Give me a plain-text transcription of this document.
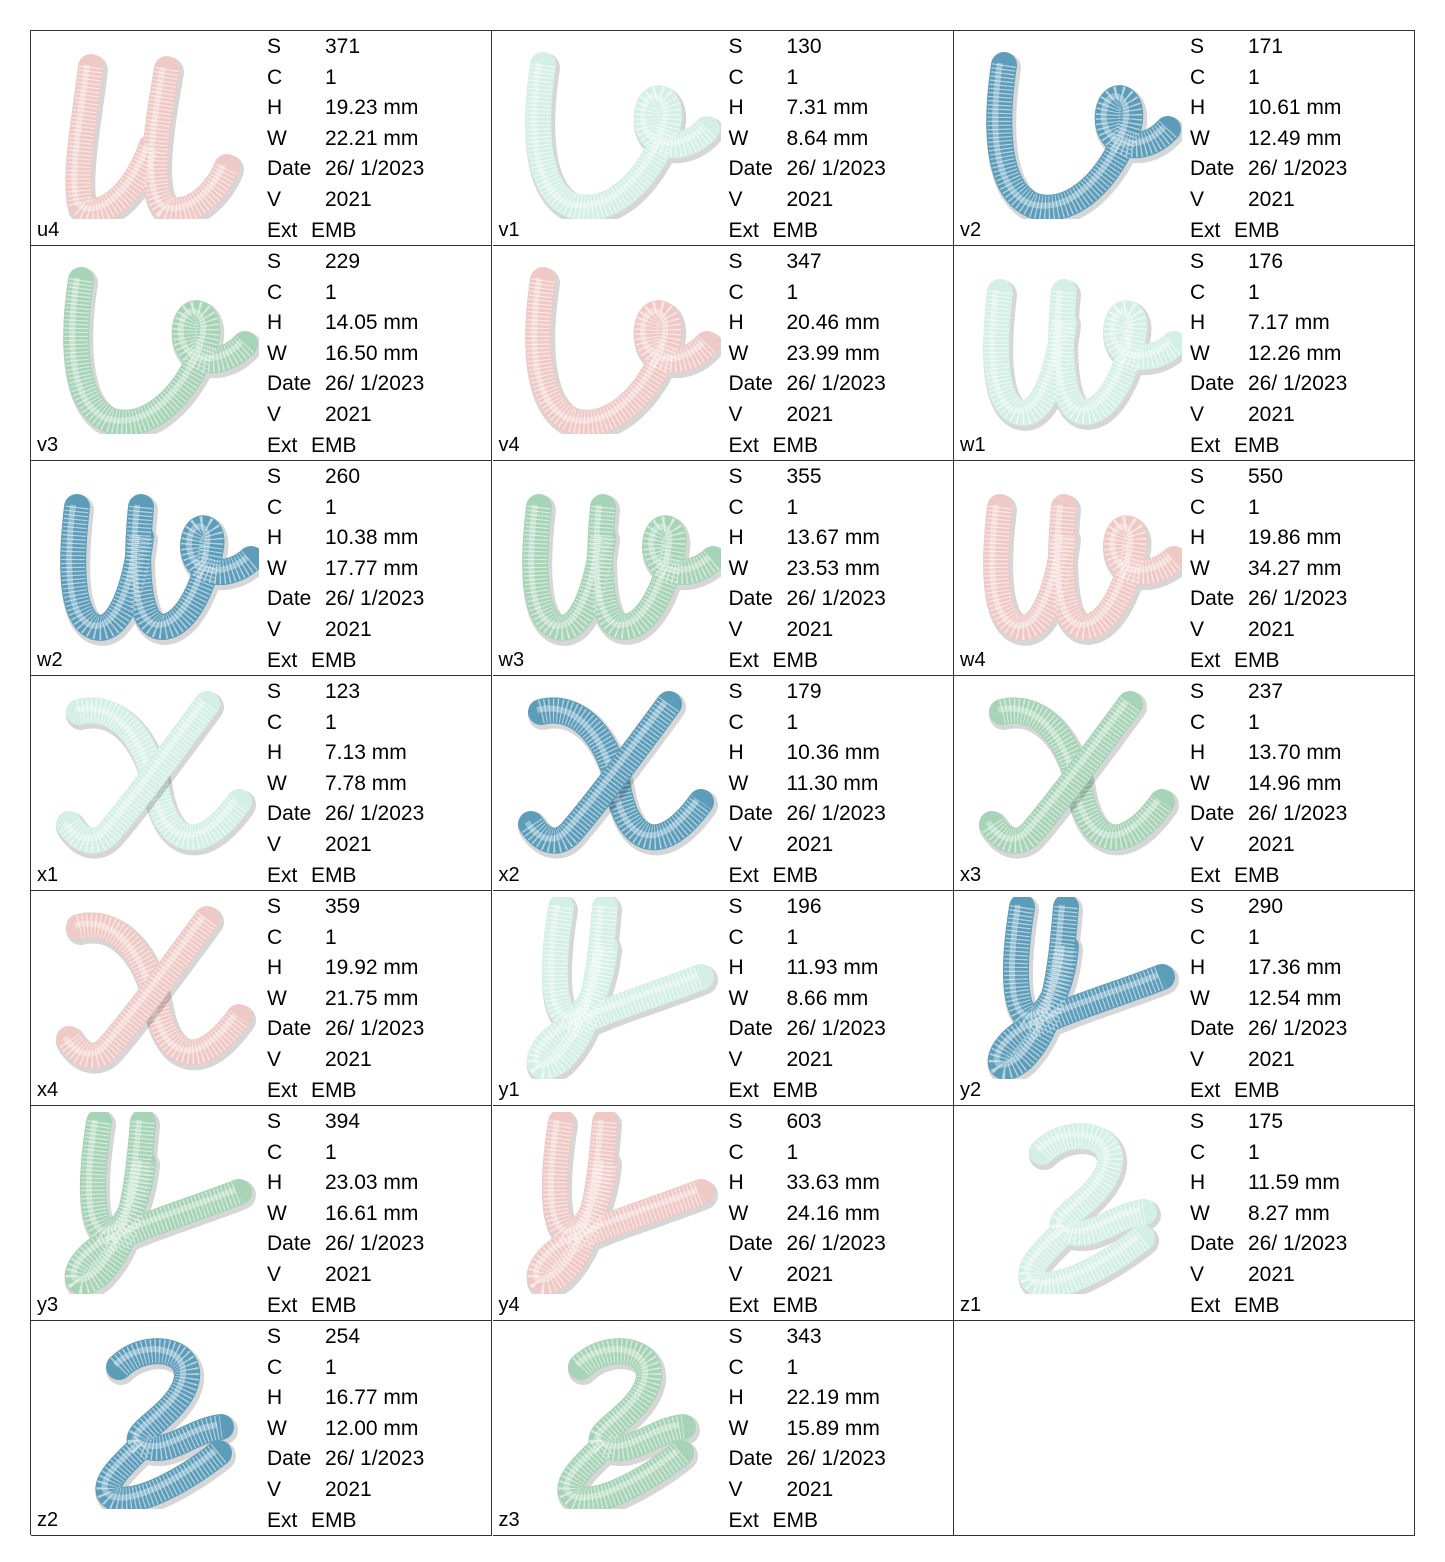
u4
S 371
C 1
H 19.23 mm
W 22.21 mm
Date 26/ 1/2023
V 2021
Ext EMB	v1
S 130
C 1
H 7.31 mm
W 8.64 mm
Date 26/ 1/2023
V 2021
Ext EMB	v2
S 171
C 1
H 10.61 mm
W 12.49 mm
Date 26/ 1/2023
V 2021
Ext EMB
v3
S 229
C 1
H 14.05 mm
W 16.50 mm
Date 26/ 1/2023
V 2021
Ext EMB	v4
S 347
C 1
H 20.46 mm
W 23.99 mm
Date 26/ 1/2023
V 2021
Ext EMB	w1
S 176
C 1
H 7.17 mm
W 12.26 mm
Date 26/ 1/2023
V 2021
Ext EMB
w2
S 260
C 1
H 10.38 mm
W 17.77 mm
Date 26/ 1/2023
V 2021
Ext EMB	w3
S 355
C 1
H 13.67 mm
W 23.53 mm
Date 26/ 1/2023
V 2021
Ext EMB	w4
S 550
C 1
H 19.86 mm
W 34.27 mm
Date 26/ 1/2023
V 2021
Ext EMB
x1
S 123
C 1
H 7.13 mm
W 7.78 mm
Date 26/ 1/2023
V 2021
Ext EMB	x2
S 179
C 1
H 10.36 mm
W 11.30 mm
Date 26/ 1/2023
V 2021
Ext EMB	x3
S 237
C 1
H 13.70 mm
W 14.96 mm
Date 26/ 1/2023
V 2021
Ext EMB
x4
S 359
C 1
H 19.92 mm
W 21.75 mm
Date 26/ 1/2023
V 2021
Ext EMB	y1
S 196
C 1
H 11.93 mm
W 8.66 mm
Date 26/ 1/2023
V 2021
Ext EMB	y2
S 290
C 1
H 17.36 mm
W 12.54 mm
Date 26/ 1/2023
V 2021
Ext EMB
y3
S 394
C 1
H 23.03 mm
W 16.61 mm
Date 26/ 1/2023
V 2021
Ext EMB	y4
S 603
C 1
H 33.63 mm
W 24.16 mm
Date 26/ 1/2023
V 2021
Ext EMB	z1
S 175
C 1
H 11.59 mm
W 8.27 mm
Date 26/ 1/2023
V 2021
Ext EMB
z2
S 254
C 1
H 16.77 mm
W 12.00 mm
Date 26/ 1/2023
V 2021
Ext EMB	z3
S 343
C 1
H 22.19 mm
W 15.89 mm
Date 26/ 1/2023
V 2021
Ext EMB
